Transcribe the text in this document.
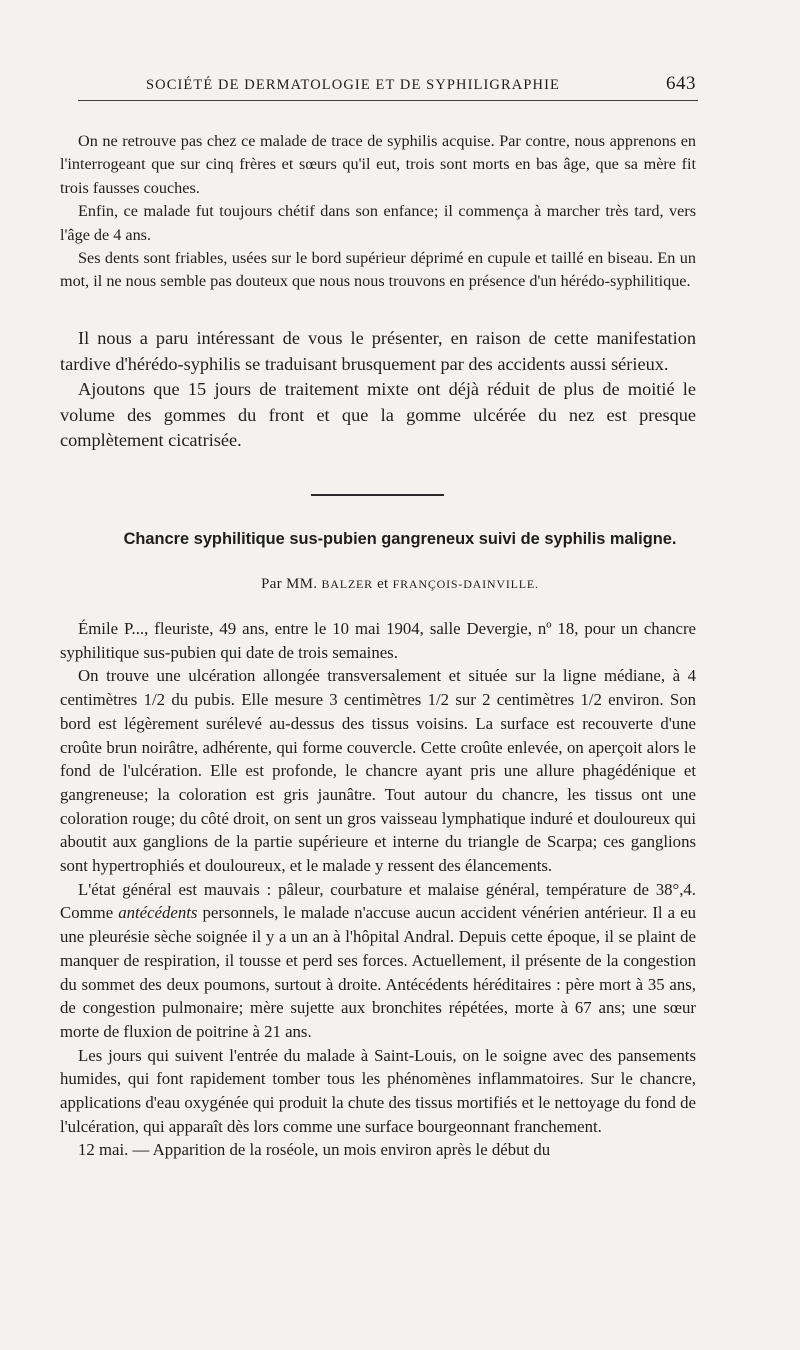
SOCIÉTÉ DE DERMATOLOGIE ET DE SYPHILIGRAPHIE	643

On ne retrouve pas chez ce malade de trace de syphilis acquise. Par contre, nous apprenons en l'interrogeant que sur cinq frères et sœurs qu'il eut, trois sont morts en bas âge, que sa mère fit trois fausses couches.

Enfin, ce malade fut toujours chétif dans son enfance; il commença à marcher très tard, vers l'âge de 4 ans.

Ses dents sont friables, usées sur le bord supérieur déprimé en cupule et taillé en biseau. En un mot, il ne nous semble pas douteux que nous nous trouvons en présence d'un hérédo-syphilitique.

Il nous a paru intéressant de vous le présenter, en raison de cette manifestation tardive d'hérédo-syphilis se traduisant brusquement par des accidents aussi sérieux.

Ajoutons que 15 jours de traitement mixte ont déjà réduit de plus de moitié le volume des gommes du front et que la gomme ulcérée du nez est presque complètement cicatrisée.

Chancre syphilitique sus-pubien gangreneux suivi de syphilis maligne.
Par MM. BALZER et FRANÇOIS-DAINVILLE.

Émile P..., fleuriste, 49 ans, entre le 10 mai 1904, salle Devergie, nº 18, pour un chancre syphilitique sus-pubien qui date de trois semaines.

On trouve une ulcération allongée transversalement et située sur la ligne médiane, à 4 centimètres 1/2 du pubis. Elle mesure 3 centimètres 1/2 sur 2 centimètres 1/2 environ. Son bord est légèrement surélevé au-dessus des tissus voisins. La surface est recouverte d'une croûte brun noirâtre, adhérente, qui forme couvercle. Cette croûte enlevée, on aperçoit alors le fond de l'ulcération. Elle est profonde, le chancre ayant pris une allure phagédénique et gangreneuse; la coloration est gris jaunâtre. Tout autour du chancre, les tissus ont une coloration rouge; du côté droit, on sent un gros vaisseau lymphatique induré et douloureux qui aboutit aux ganglions de la partie supérieure et interne du triangle de Scarpa; ces ganglions sont hypertrophiés et douloureux, et le malade y ressent des élancements.

L'état général est mauvais : pâleur, courbature et malaise général, température de 38°,4. Comme antécédents personnels, le malade n'accuse aucun accident vénérien antérieur. Il a eu une pleurésie sèche soignée il y a un an à l'hôpital Andral. Depuis cette époque, il se plaint de manquer de respiration, il tousse et perd ses forces. Actuellement, il présente de la congestion du sommet des deux poumons, surtout à droite. Antécédents héréditaires : père mort à 35 ans, de congestion pulmonaire; mère sujette aux bronchites répétées, morte à 67 ans; une sœur morte de fluxion de poitrine à 21 ans.

Les jours qui suivent l'entrée du malade à Saint-Louis, on le soigne avec des pansements humides, qui font rapidement tomber tous les phénomènes inflammatoires. Sur le chancre, applications d'eau oxygénée qui produit la chute des tissus mortifiés et le nettoyage du fond de l'ulcération, qui apparaît dès lors comme une surface bourgeonnant franchement.

12 mai. — Apparition de la roséole, un mois environ après le début du
